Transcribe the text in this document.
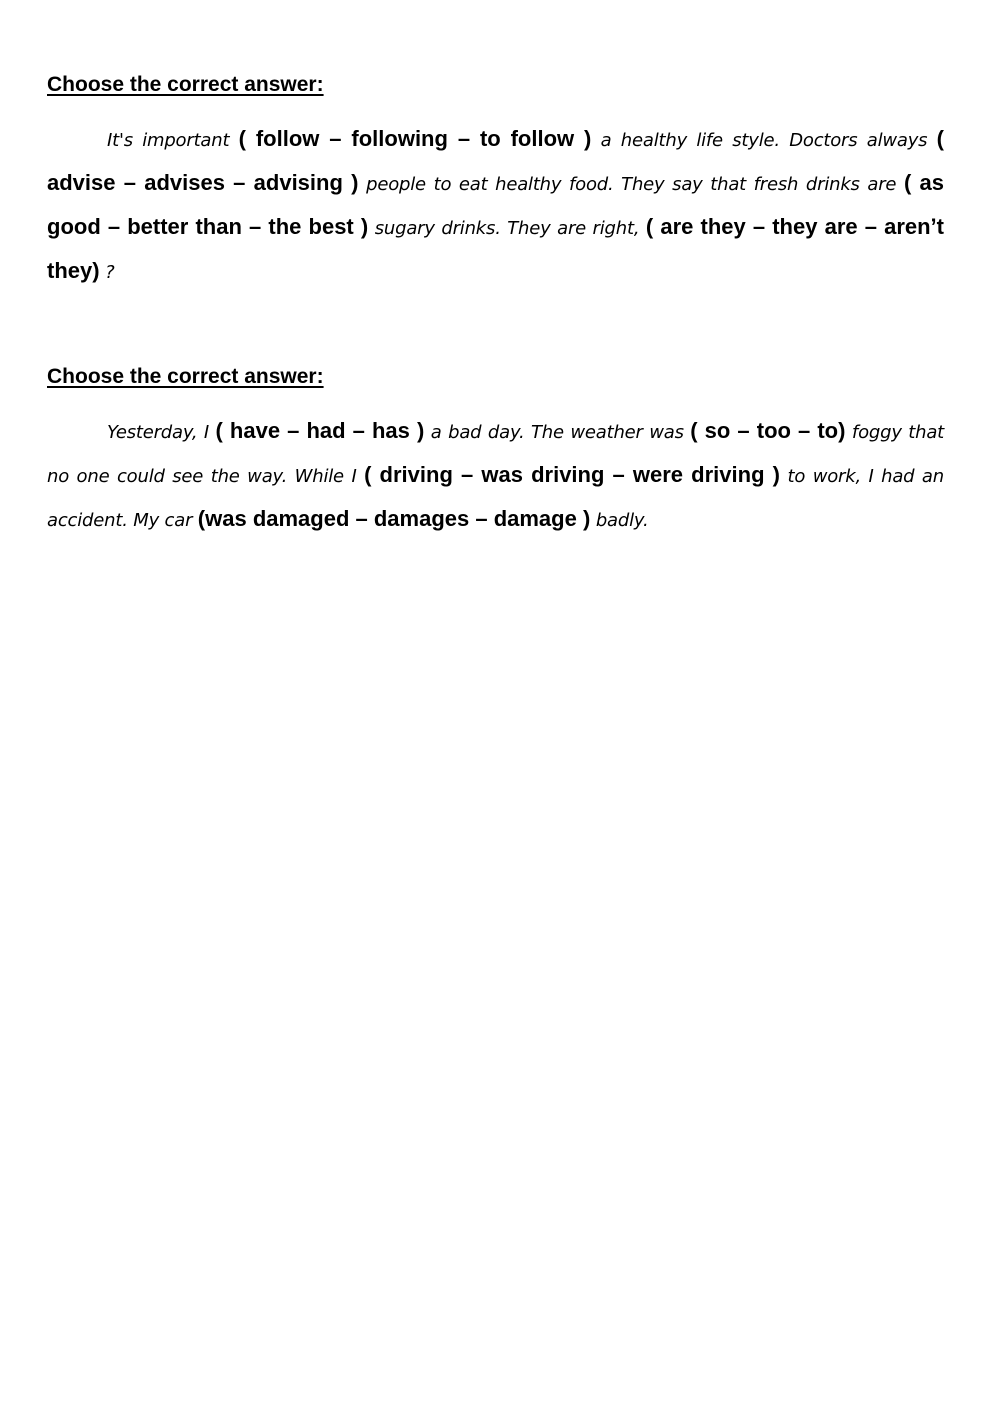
Choose the correct answer:

It's important ( follow – following – to follow ) a healthy life style. Doctors always ( advise – advises – advising ) people to eat healthy food. They say that fresh drinks are ( as good – better than – the best ) sugary drinks. They are right, ( are they – they are – aren’t they) ?

Choose the correct answer:

Yesterday, I ( have – had – has ) a bad day. The weather was ( so – too – to) foggy that no one could see the way. While I ( driving – was driving – were driving ) to work, I had an accident. My car (was damaged – damages – damage ) badly.
